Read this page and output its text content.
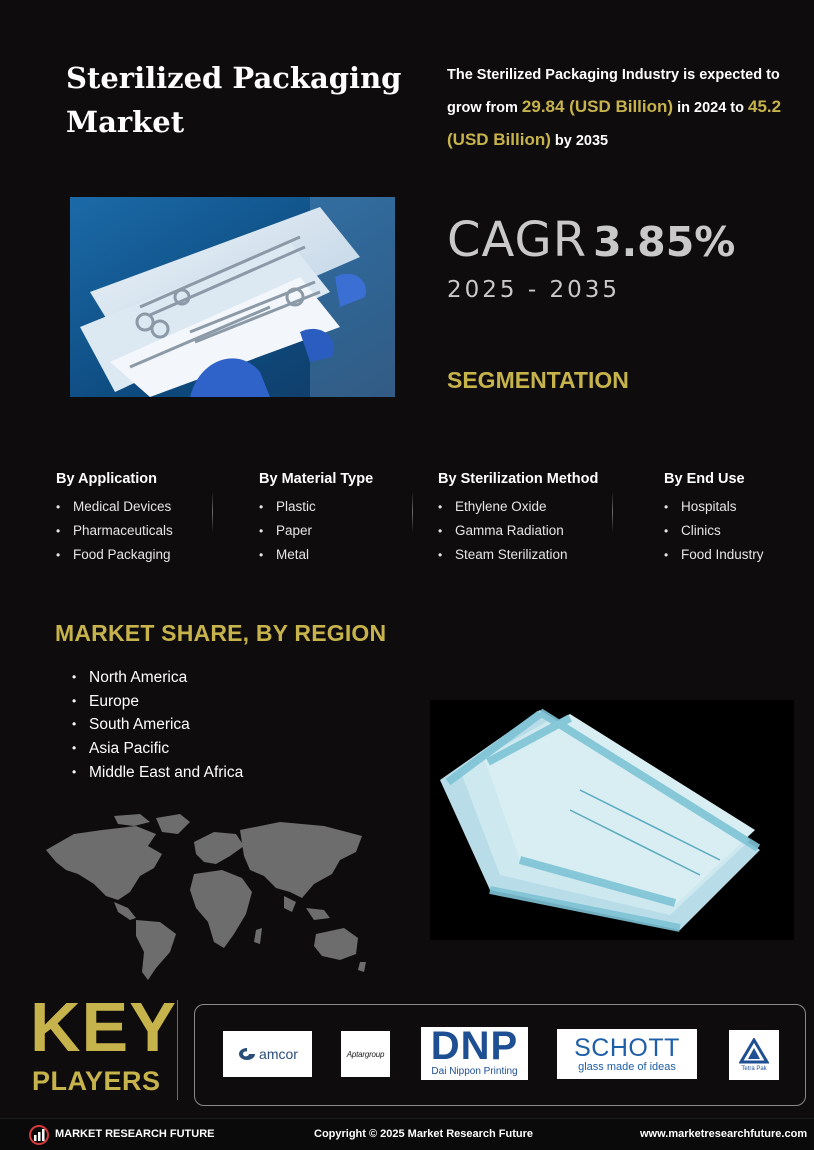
Sterilized Packaging Market
The Sterilized Packaging Industry is expected to grow from 29.84 (USD Billion) in 2024 to 45.2 (USD Billion) by 2035
CAGR 3.85%
2025 - 2035
SEGMENTATION
By Application
• Medical Devices
• Pharmaceuticals
• Food Packaging
By Material Type
• Plastic
• Paper
• Metal
By Sterilization Method
• Ethylene Oxide
• Gamma Radiation
• Steam Sterilization
By End Use
• Hospitals
• Clinics
• Food Industry
MARKET SHARE, BY REGION
• North America
• Europe
• South America
• Asia Pacific
• Middle East and Africa
KEY
PLAYERS
amcor	Aptargroup DNP
Dai Nippon Printing
SCHOTT
glass made of ideas	Tetra Pak
MARKET RESEARCH FUTURE	Copyright © 2025 Market Research Future	www.marketresearchfuture.com
